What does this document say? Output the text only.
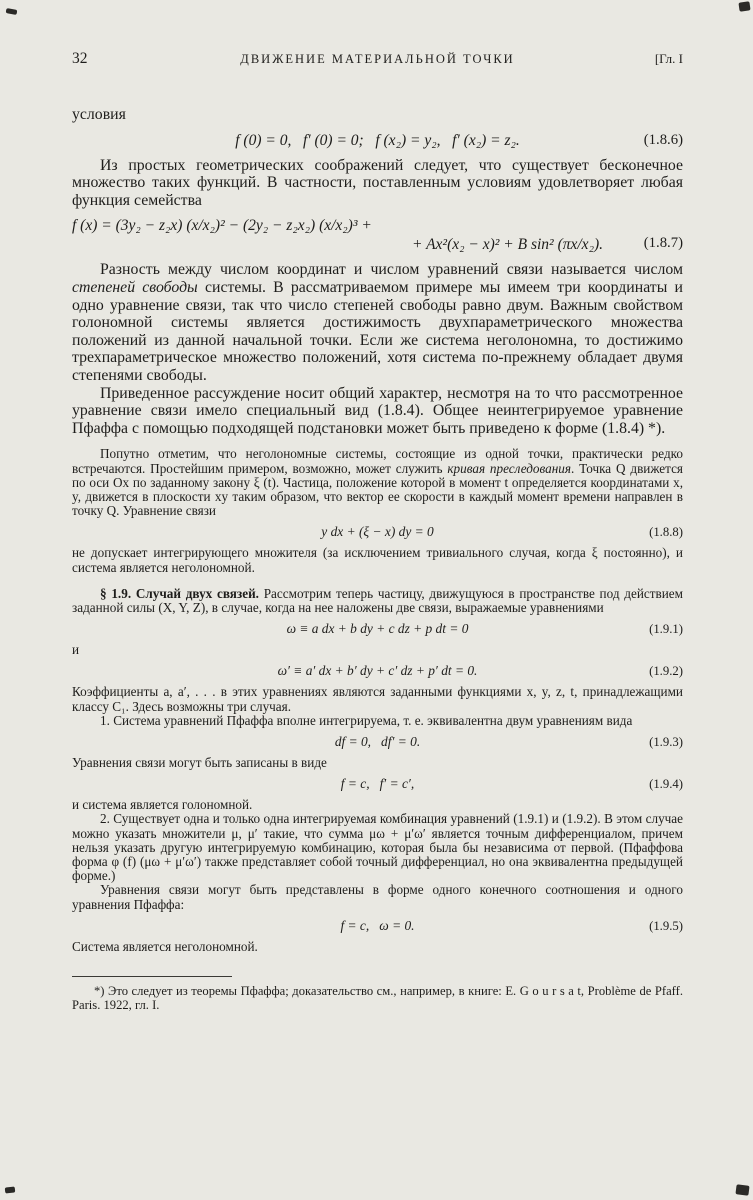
32	ДВИЖЕНИЕ МАТЕРИАЛЬНОЙ ТОЧКИ	[Гл. I

условия

f (0) = 0,   f′ (0) = 0;   f (x₂) = y₂,   f′ (x₂) = z₂.	(1.8.6)

Из простых геометрических соображений следует, что существует бесконечное множество таких функций. В частности, поставленным условиям удовлетворяет любая функция семейства

f (x) = (3y₂ − z₂x) (x/x₂)² − (2y₂ − z₂x₂) (x/x₂)³ +
+ Ax²(x₂ − x)² + B sin² (πx/x₂).	(1.8.7)

Разность между числом координат и числом уравнений связи называется числом степеней свободы системы. В рассматриваемом примере мы имеем три координаты и одно уравнение связи, так что число степеней свободы равно двум. Важным свойством голономной системы является достижимость двухпараметрического множества положений из данной начальной точки. Если же система неголономна, то достижимо трехпараметрическое множество положений, хотя система по-прежнему обладает двумя степенями свободы.

Приведенное рассуждение носит общий характер, несмотря на то что рассмотренное уравнение связи имело специальный вид (1.8.4). Общее неинтегрируемое уравнение Пфаффа с помощью подходящей подстановки может быть приведено к форме (1.8.4) *).

Попутно отметим, что неголономные системы, состоящие из одной точки, практически редко встречаются. Простейшим примером, возможно, может служить кривая преследования. Точка Q движется по оси Ox по заданному закону ξ (t). Частица, положение которой в момент t определяется координатами x, y, движется в плоскости xy таким образом, что вектор ее скорости в каждый момент времени направлен в точку Q. Уравнение связи

y dx + (ξ − x) dy = 0	(1.8.8)

не допускает интегрирующего множителя (за исключением тривиального случая, когда ξ постоянно), и система является неголономной.

§ 1.9. Случай двух связей. Рассмотрим теперь частицу, движущуюся в пространстве под действием заданной силы (X, Y, Z), в случае, когда на нее наложены две связи, выражаемые уравнениями

ω ≡ a dx + b dy + c dz + p dt = 0	(1.9.1)

и

ω′ ≡ a′ dx + b′ dy + c′ dz + p′ dt = 0.	(1.9.2)

Коэффициенты a, a′, . . . в этих уравнениях являются заданными функциями x, y, z, t, принадлежащими классу C₁. Здесь возможны три случая.

1. Система уравнений Пфаффа вполне интегрируема, т. е. эквивалентна двум уравнениям вида

df = 0,   df′ = 0.	(1.9.3)

Уравнения связи могут быть записаны в виде

f = c,   f′ = c′,	(1.9.4)

и система является голономной.

2. Существует одна и только одна интегрируемая комбинация уравнений (1.9.1) и (1.9.2). В этом случае можно указать множители μ, μ′ такие, что сумма μω + μ′ω′ является точным дифференциалом, причем нельзя указать другую интегрируемую комбинацию, которая была бы независима от первой. (Пфаффова форма φ (f) (μω + μ′ω′) также представляет собой точный дифференциал, но она эквивалентна предыдущей форме.)

Уравнения связи могут быть представлены в форме одного конечного соотношения и одного уравнения Пфаффа:

f = c,   ω = 0.	(1.9.5)

Система является неголономной.

*) Это следует из теоремы Пфаффа; доказательство см., например, в книге: E. G o u r s a t, Problème de Pfaff. Paris. 1922, гл. I.
